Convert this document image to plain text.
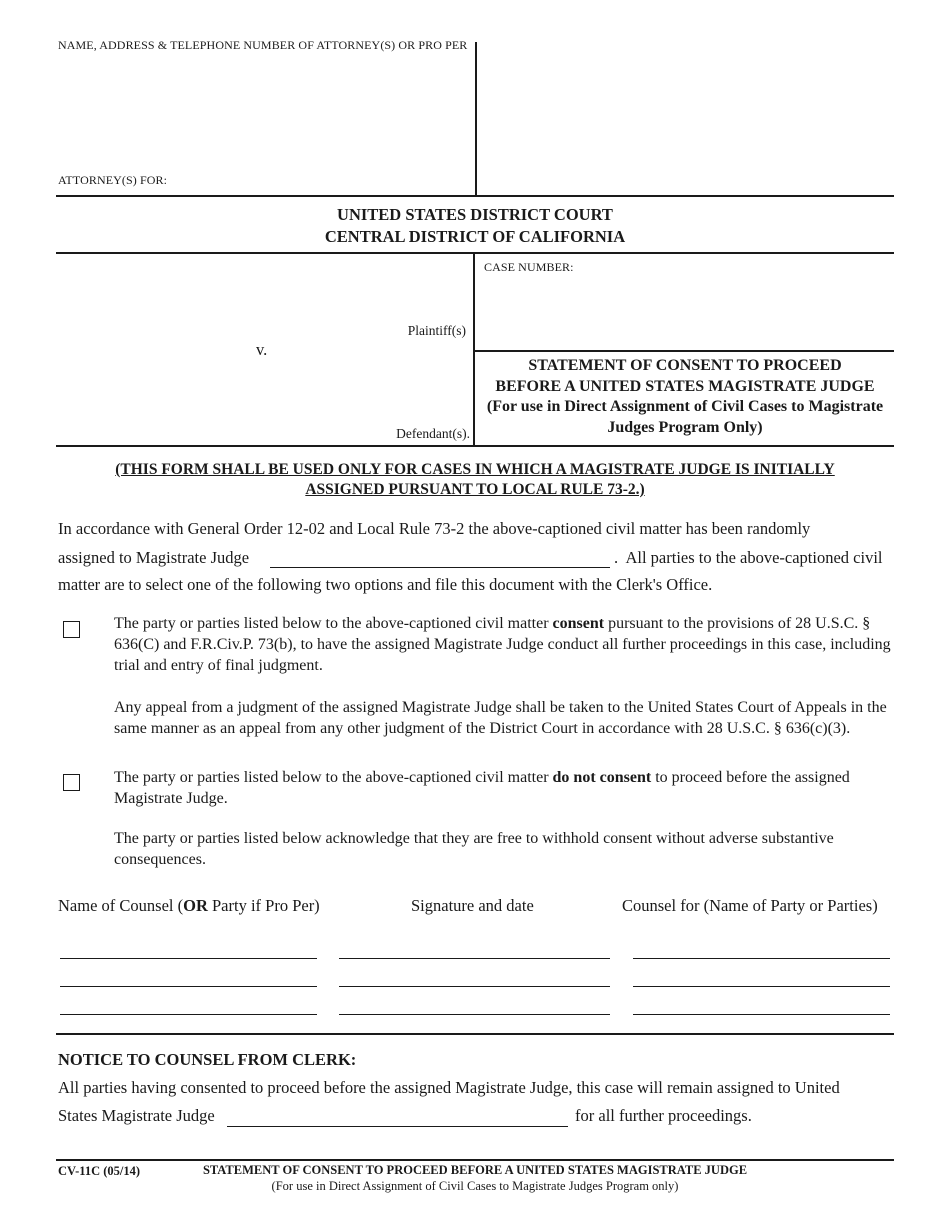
NAME, ADDRESS & TELEPHONE NUMBER OF ATTORNEY(S) OR PRO PER
ATTORNEY(S) FOR:
UNITED STATES DISTRICT COURT
CENTRAL DISTRICT OF CALIFORNIA
CASE NUMBER:
Plaintiff(s)
v.
Defendant(s).
STATEMENT OF CONSENT TO PROCEED
BEFORE A UNITED STATES MAGISTRATE JUDGE
(For use in Direct Assignment of Civil Cases to Magistrate
Judges Program Only)
(THIS FORM SHALL BE USED ONLY FOR CASES IN WHICH A MAGISTRATE JUDGE IS INITIALLY
ASSIGNED PURSUANT TO LOCAL RULE 73-2.)
In accordance with General Order 12-02 and Local Rule 73-2 the above-captioned civil matter has been randomly
assigned to Magistrate Judge	.  All parties to the above-captioned civil
matter are to select one of the following two options and file this document with the Clerk's Office.
The party or parties listed below to the above-captioned civil matter consent pursuant to the provisions of 28 U.S.C. § 636(C) and F.R.Civ.P. 73(b), to have the assigned Magistrate Judge conduct all further proceedings in this case, including trial and entry of final judgment.
Any appeal from a judgment of the assigned Magistrate Judge shall be taken to the United States Court of Appeals in the same manner as an appeal from any other judgment of the District Court in accordance with 28 U.S.C. § 636(c)(3).
The party or parties listed below to the above-captioned civil matter do not consent to proceed before the assigned Magistrate Judge.
The party or parties listed below acknowledge that they are free to withhold consent without adverse substantive consequences.
Name of Counsel (OR Party if Pro Per)	Signature and date	Counsel for (Name of Party or Parties)
NOTICE TO COUNSEL FROM CLERK:
All parties having consented to proceed before the assigned Magistrate Judge, this case will remain assigned to United
States Magistrate Judge	for all further proceedings.
CV-11C (05/14)	STATEMENT OF CONSENT TO PROCEED BEFORE A UNITED STATES MAGISTRATE JUDGE
(For use in Direct Assignment of Civil Cases to Magistrate Judges Program only)
